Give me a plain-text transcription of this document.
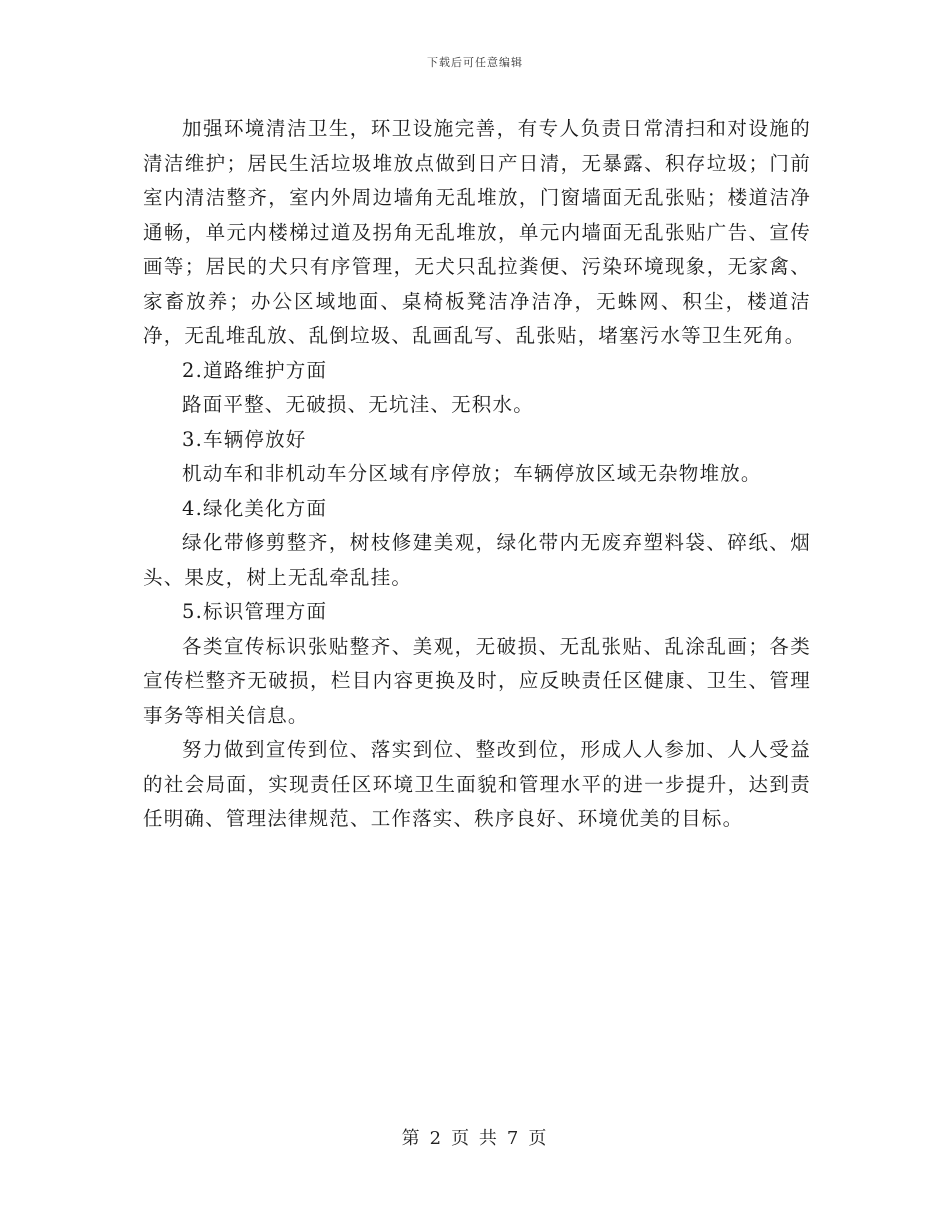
下载后可任意编辑

加强环境清洁卫生，环卫设施完善，有专人负责日常清扫和对设施的清洁维护；居民生活垃圾堆放点做到日产日清，无暴露、积存垃圾；门前室内清洁整齐，室内外周边墙角无乱堆放，门窗墙面无乱张贴；楼道洁净通畅，单元内楼梯过道及拐角无乱堆放，单元内墙面无乱张贴广告、宣传画等；居民的犬只有序管理，无犬只乱拉粪便、污染环境现象，无家禽、家畜放养；办公区域地面、桌椅板凳洁净洁净，无蛛网、积尘，楼道洁净，无乱堆乱放、乱倒垃圾、乱画乱写、乱张贴，堵塞污水等卫生死角。

2.道路维护方面

路面平整、无破损、无坑洼、无积水。

3.车辆停放好

机动车和非机动车分区域有序停放；车辆停放区域无杂物堆放。

4.绿化美化方面

绿化带修剪整齐，树枝修建美观，绿化带内无废弃塑料袋、碎纸、烟头、果皮，树上无乱牵乱挂。

5.标识管理方面

各类宣传标识张贴整齐、美观，无破损、无乱张贴、乱涂乱画；各类宣传栏整齐无破损，栏目内容更换及时，应反映责任区健康、卫生、管理事务等相关信息。

努力做到宣传到位、落实到位、整改到位，形成人人参加、人人受益的社会局面，实现责任区环境卫生面貌和管理水平的进一步提升，达到责任明确、管理法律规范、工作落实、秩序良好、环境优美的目标。

第 2 页 共 7 页
